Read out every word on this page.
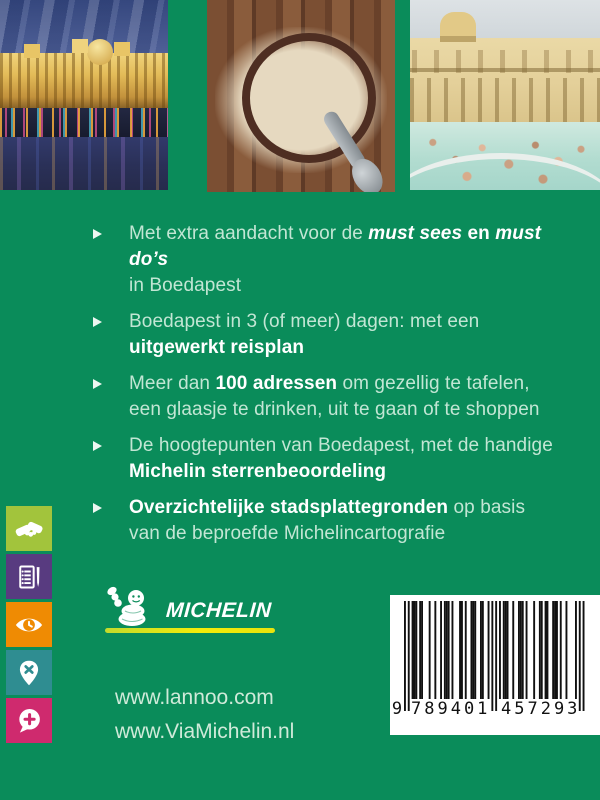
Met extra aandacht voor de must sees en must do’s
in Boedapest
Boedapest in 3 (of meer) dagen: met een
uitgewerkt reisplan
Meer dan 100 adressen om gezellig te tafelen,
een glaasje te drinken, uit te gaan of te shoppen
De hoogtepunten van Boedapest, met de handige
Michelin sterrenbeoordeling
Overzichtelijke stadsplattegronden op basis
van de beproefde Michelincartografie
MICHELIN
www.lannoo.com
www.ViaMichelin.nl
9 789401 457293
